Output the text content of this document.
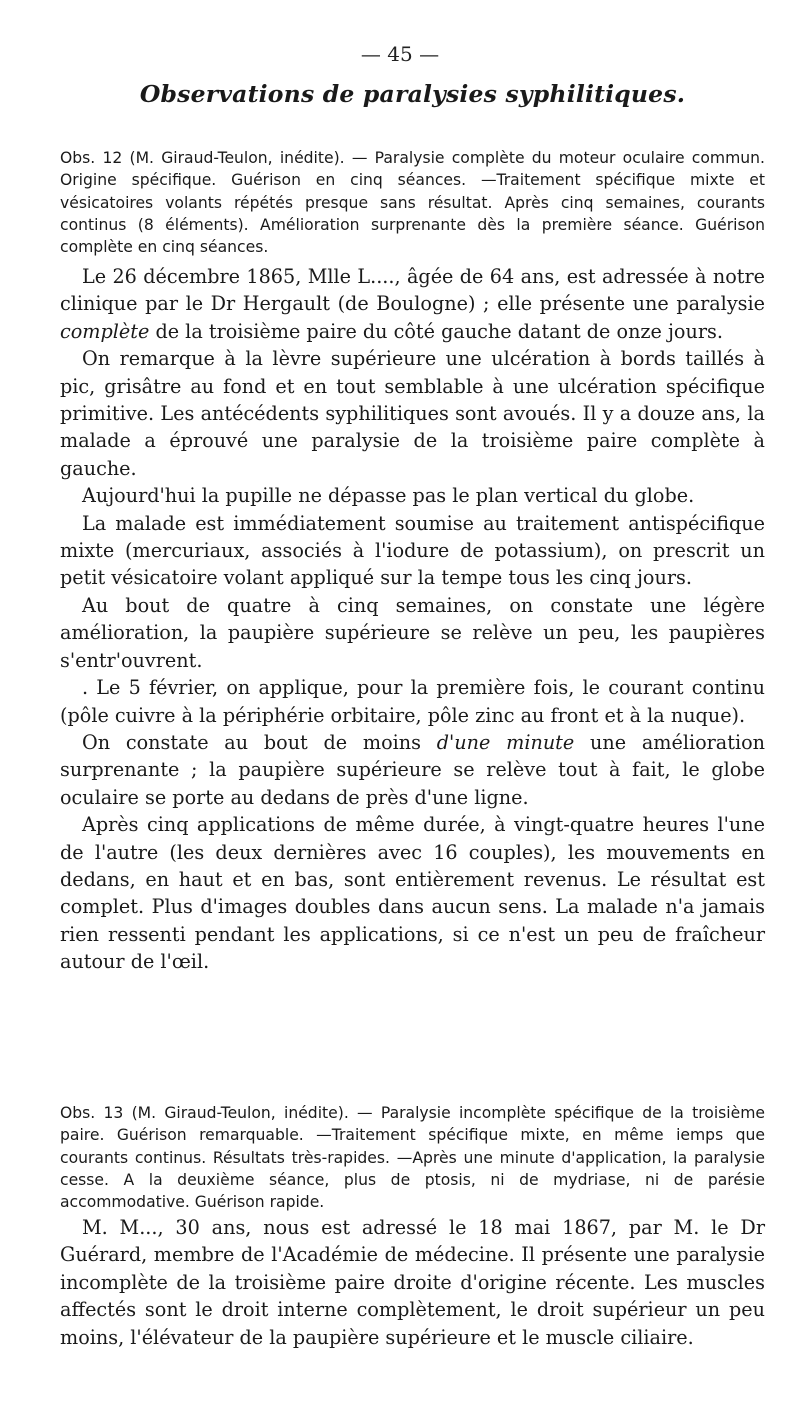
— 45 —
Observations de paralysies syphilitiques.

Obs. 12 (M. Giraud-Teulon, inédite). — Paralysie complète du moteur oculaire commun. Origine spécifique. Guérison en cinq séances. —Traitement spécifique mixte et vésicatoires volants répétés presque sans résultat. Après cinq semaines, courants continus (8 éléments). Amélioration surprenante dès la première séance. Guérison complète en cinq séances.

Le 26 décembre 1865, Mlle L...., âgée de 64 ans, est adressée à notre clinique par le Dr Hergault (de Boulogne) ; elle présente une paralysie complète de la troisième paire du côté gauche datant de onze jours.

On remarque à la lèvre supérieure une ulcération à bords taillés à pic, grisâtre au fond et en tout semblable à une ulcération spécifique primitive. Les antécédents syphilitiques sont avoués. Il y a douze ans, la malade a éprouvé une paralysie de la troisième paire complète à gauche.

Aujourd'hui la pupille ne dépasse pas le plan vertical du globe.

La malade est immédiatement soumise au traitement antispécifique mixte (mercuriaux, associés à l'iodure de potassium), on prescrit un petit vésicatoire volant appliqué sur la tempe tous les cinq jours.

Au bout de quatre à cinq semaines, on constate une légère amélioration, la paupière supérieure se relève un peu, les paupières s'entr'ouvrent.

. Le 5 février, on applique, pour la première fois, le courant continu (pôle cuivre à la périphérie orbitaire, pôle zinc au front et à la nuque).

On constate au bout de moins d'une minute une amélioration surprenante ; la paupière supérieure se relève tout à fait, le globe oculaire se porte au dedans de près d'une ligne.

Après cinq applications de même durée, à vingt-quatre heures l'une de l'autre (les deux dernières avec 16 couples), les mouvements en dedans, en haut et en bas, sont entièrement revenus. Le résultat est complet. Plus d'images doubles dans aucun sens. La malade n'a jamais rien ressenti pendant les applications, si ce n'est un peu de fraîcheur autour de l'œil.

Obs. 13 (M. Giraud-Teulon, inédite). — Paralysie incomplète spécifique de la troisième paire. Guérison remarquable. —Traitement spécifique mixte, en même iemps que courants continus. Résultats très-rapides. —Après une minute d'application, la paralysie cesse. A la deuxième séance, plus de ptosis, ni de mydriase, ni de parésie accommodative. Guérison rapide.

M. M..., 30 ans, nous est adressé le 18 mai 1867, par M. le Dr Guérard, membre de l'Académie de médecine. Il présente une paralysie incomplète de la troisième paire droite d'origine récente. Les muscles affectés sont le droit interne complètement, le droit supérieur un peu moins, l'élévateur de la paupière supérieure et le muscle ciliaire.
